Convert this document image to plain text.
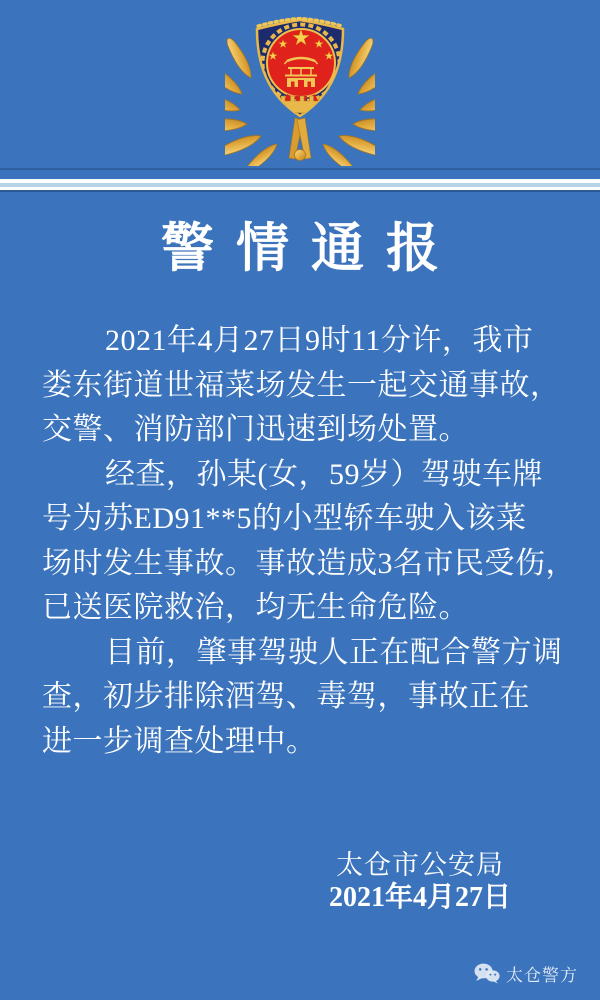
警情通报
2021年4月27日9时11分许，我市
娄东街道世福菜场发生一起交通事故，
交警、消防部门迅速到场处置。
经查，孙某(女，59岁）驾驶车牌
号为苏ED91**5的小型轿车驶入该菜
场时发生事故。事故造成3名市民受伤，
已送医院救治，均无生命危险。
目前，肇事驾驶人正在配合警方调
查，初步排除酒驾、毒驾，事故正在
进一步调查处理中。
太仓市公安局
2021年4月27日
太仓警方
